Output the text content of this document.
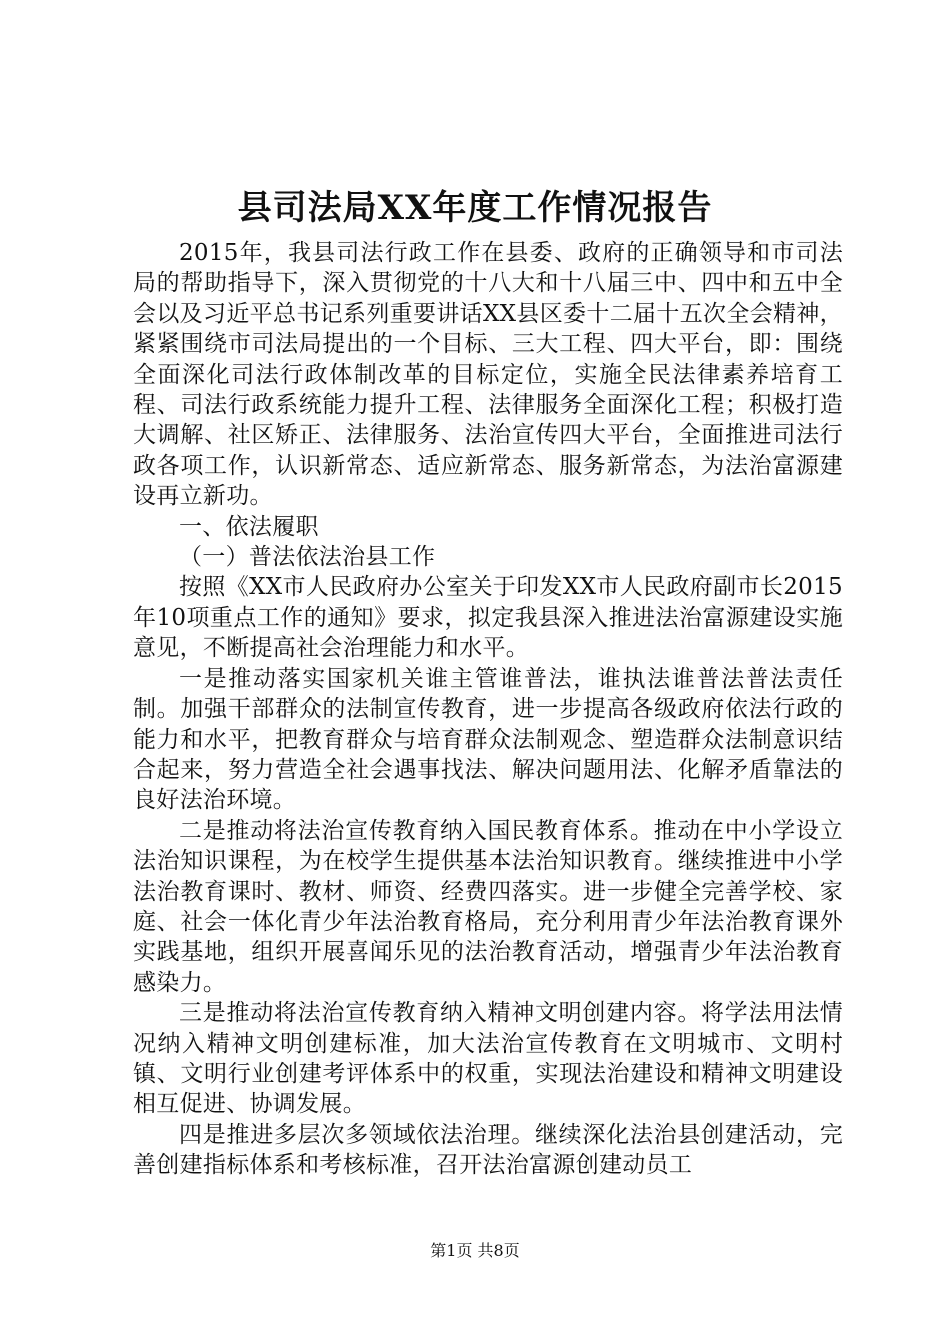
县司法局XX年度工作情况报告

2015年，我县司法行政工作在县委、政府的正确领导和市司法局的帮助指导下，深入贯彻党的十八大和十八届三中、四中和五中全会以及习近平总书记系列重要讲话XX县区委十二届十五次全会精神，紧紧围绕市司法局提出的一个目标、三大工程、四大平台，即：围绕全面深化司法行政体制改革的目标定位，实施全民法律素养培育工程、司法行政系统能力提升工程、法律服务全面深化工程；积极打造大调解、社区矫正、法律服务、法治宣传四大平台，全面推进司法行政各项工作，认识新常态、适应新常态、服务新常态，为法治富源建设再立新功。

一、依法履职

（一）普法依法治县工作

按照《XX市人民政府办公室关于印发XX市人民政府副市长2015年10项重点工作的通知》要求，拟定我县深入推进法治富源建设实施意见，不断提高社会治理能力和水平。

一是推动落实国家机关谁主管谁普法，谁执法谁普法普法责任制。加强干部群众的法制宣传教育，进一步提高各级政府依法行政的能力和水平，把教育群众与培育群众法制观念、塑造群众法制意识结合起来，努力营造全社会遇事找法、解决问题用法、化解矛盾靠法的良好法治环境。

二是推动将法治宣传教育纳入国民教育体系。推动在中小学设立法治知识课程，为在校学生提供基本法治知识教育。继续推进中小学法治教育课时、教材、师资、经费四落实。进一步健全完善学校、家庭、社会一体化青少年法治教育格局，充分利用青少年法治教育课外实践基地，组织开展喜闻乐见的法治教育活动，增强青少年法治教育感染力。

三是推动将法治宣传教育纳入精神文明创建内容。将学法用法情况纳入精神文明创建标准，加大法治宣传教育在文明城市、文明村镇、文明行业创建考评体系中的权重，实现法治建设和精神文明建设相互促进、协调发展。

四是推进多层次多领域依法治理。继续深化法治县创建活动，完善创建指标体系和考核标准，召开法治富源创建动员工

第1页 共8页
